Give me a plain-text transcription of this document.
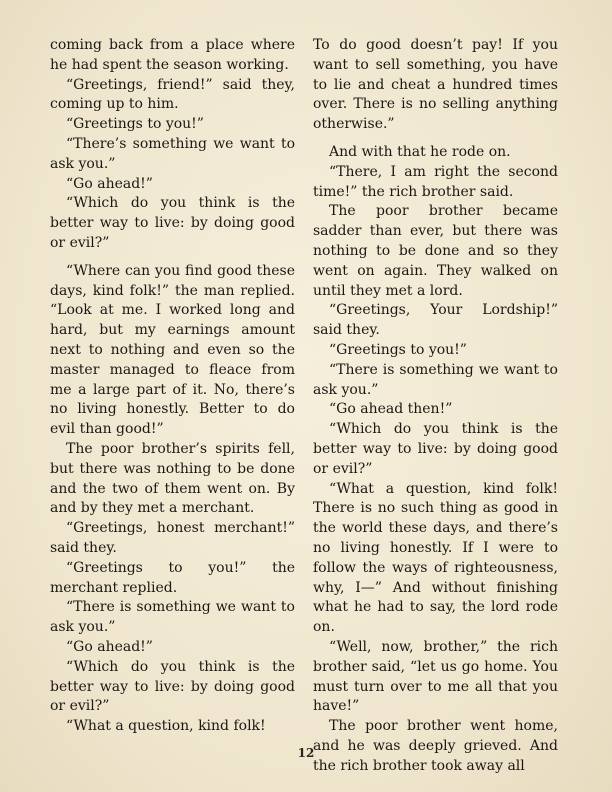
coming back from a place where he had spent the season working.

“Greetings, friend!” said they, coming up to him.

“Greetings to you!”

“There’s something we want to ask you.”

“Go ahead!”

“Which do you think is the better way to live: by doing good or evil?”

“Where can you find good these days, kind folk!” the man replied. “Look at me. I worked long and hard, but my earnings amount next to nothing and even so the master managed to fleace from me a large part of it. No, there’s no living honestly. Better to do evil than good!”

The poor brother’s spirits fell, but there was nothing to be done and the two of them went on. By and by they met a merchant.

“Greetings, honest merchant!” said they.

“Greetings to you!” the merchant replied.

“There is something we want to ask you.”

“Go ahead!”

“Which do you think is the better way to live: by doing good or evil?”

“What a question, kind folk!

To do good doesn’t pay! If you want to sell something, you have to lie and cheat a hundred times over. There is no selling anything otherwise.”

And with that he rode on.

“There, I am right the second time!” the rich brother said.

The poor brother became sadder than ever, but there was nothing to be done and so they went on again. They walked on until they met a lord.

“Greetings, Your Lordship!” said they.

“Greetings to you!”

“There is something we want to ask you.”

“Go ahead then!”

“Which do you think is the better way to live: by doing good or evil?”

“What a question, kind folk! There is no such thing as good in the world these days, and there’s no living honestly. If I were to follow the ways of righteousness, why, I—” And without finishing what he had to say, the lord rode on.

“Well, now, brother,” the rich brother said, “let us go home. You must turn over to me all that you have!”

The poor brother went home, and he was deeply grieved. And the rich brother took away all

12
